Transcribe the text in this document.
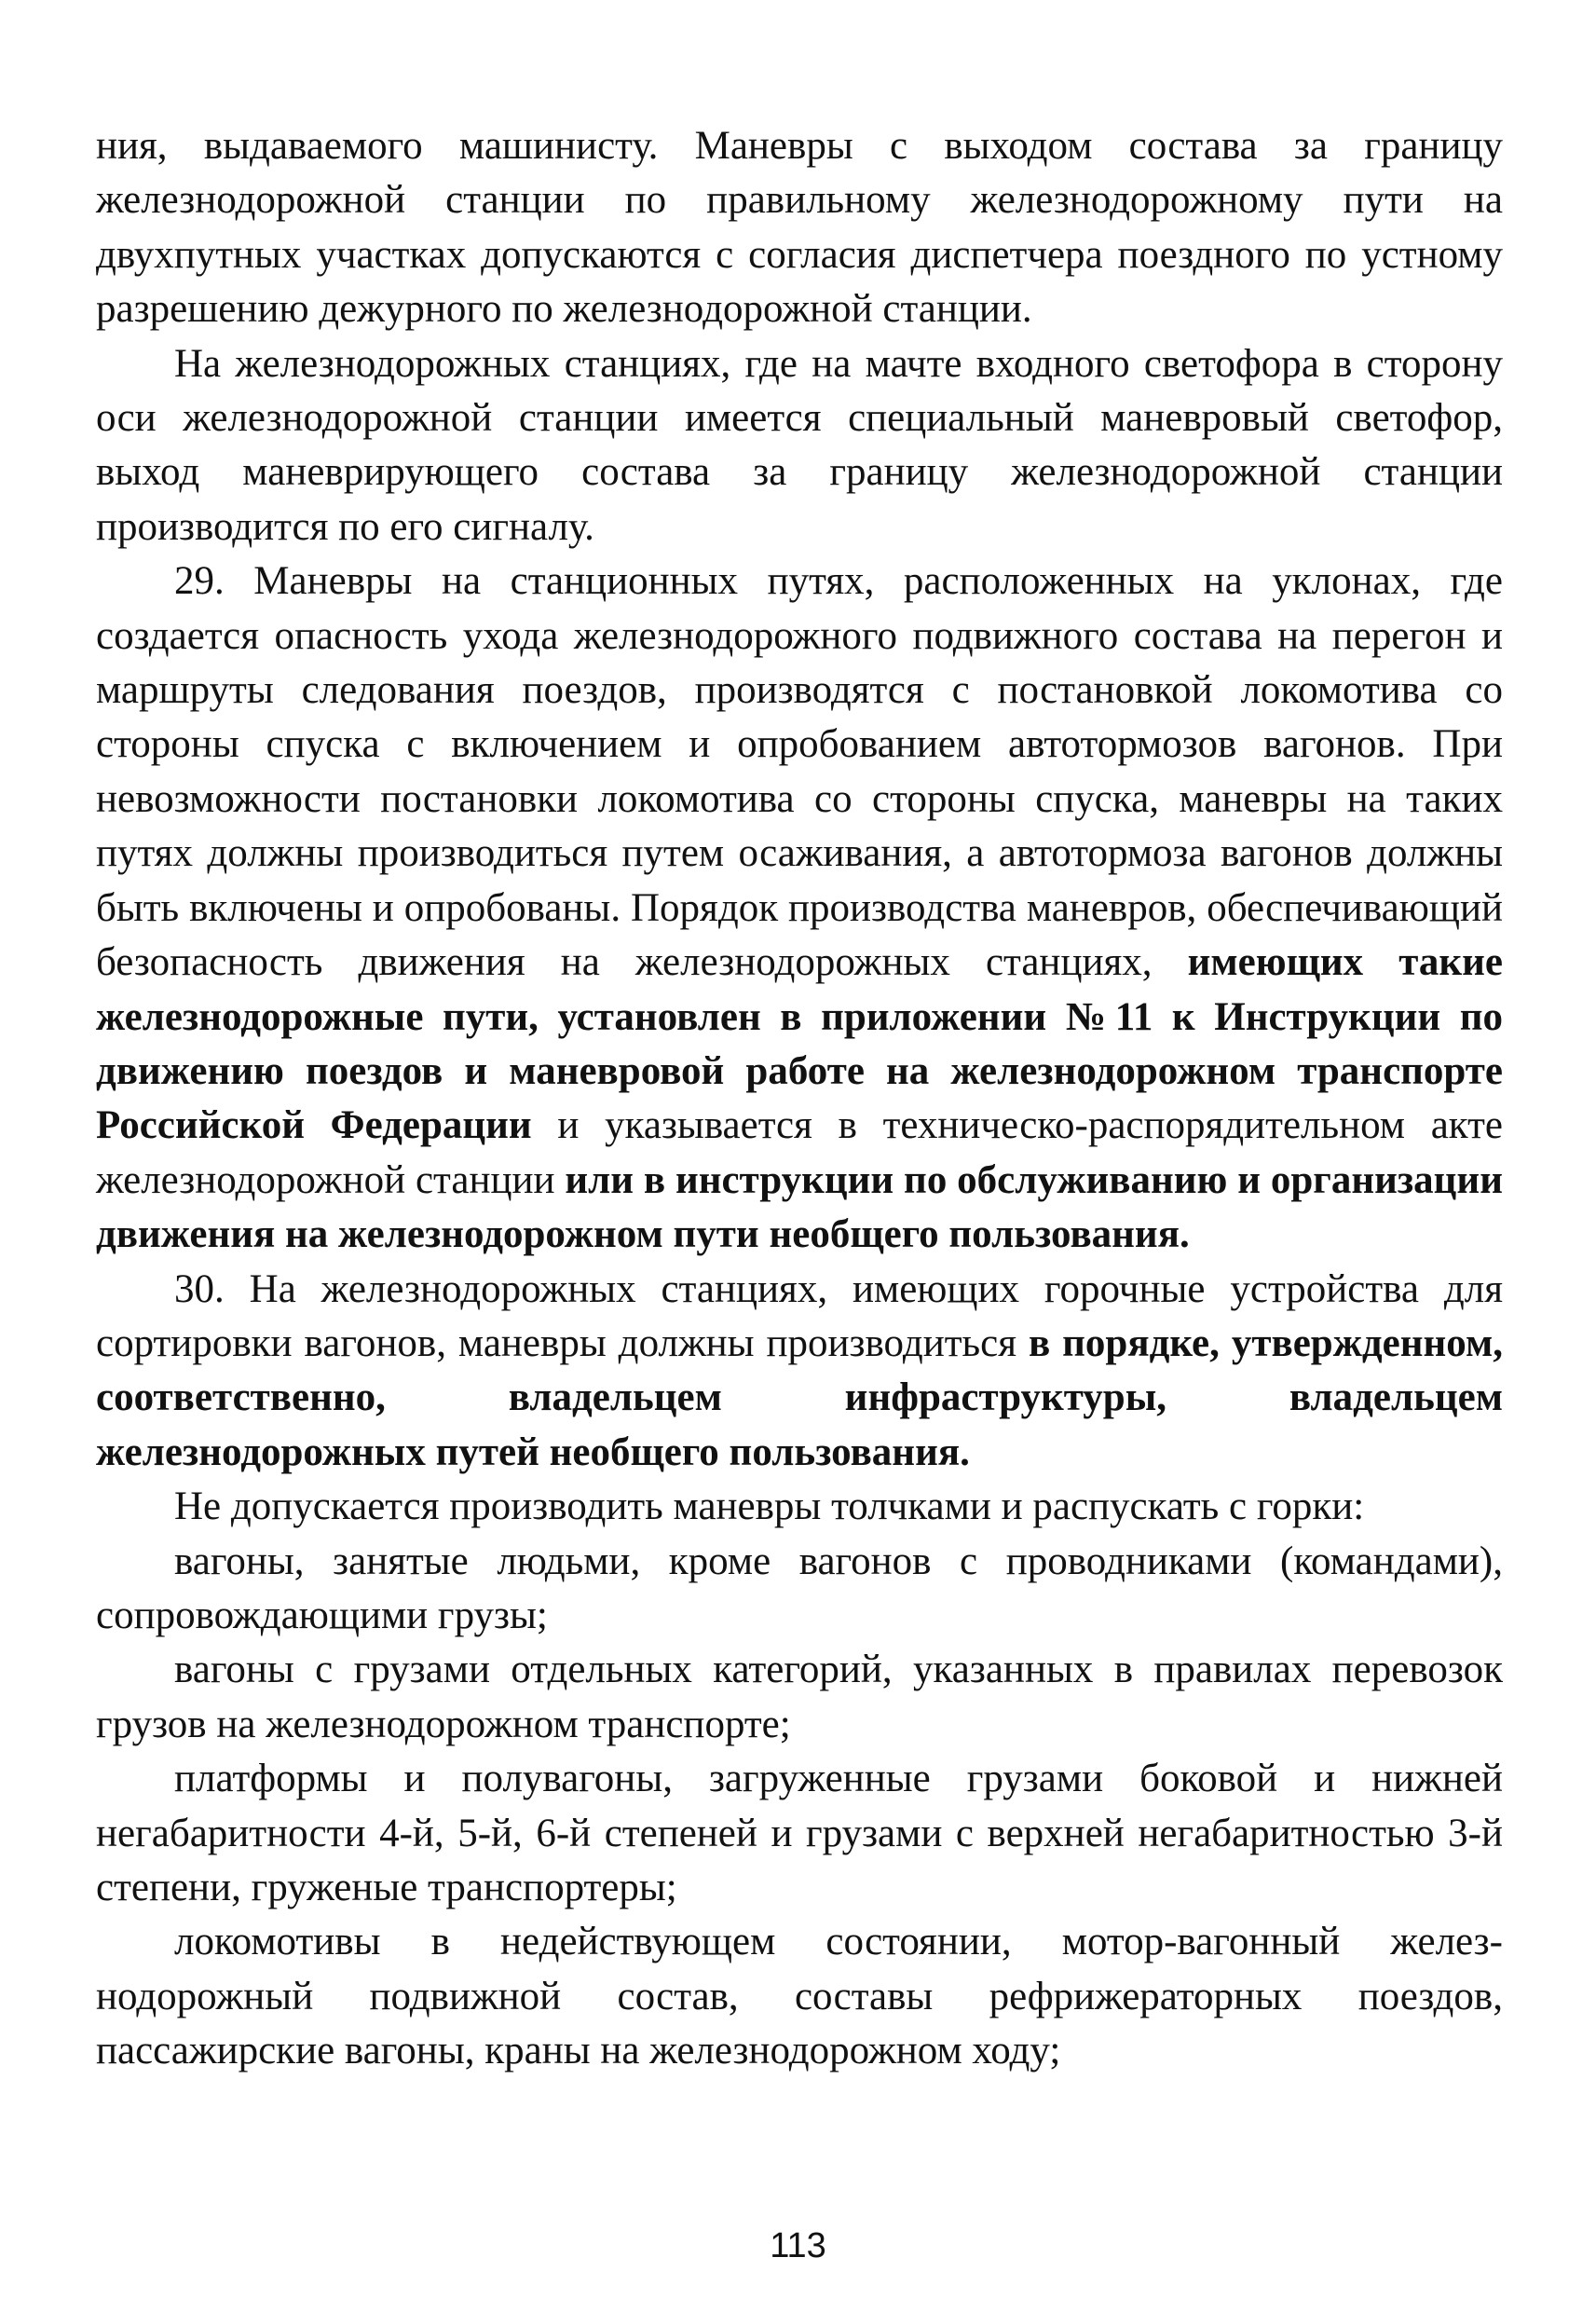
ния, выдаваемого машинисту. Маневры с выходом состава за границу железнодорожной станции по правильному железнодорожному пути на двухпутных участках допускаются с согласия диспетчера поездного по устному разрешению дежурного по железнодорожной станции.

На железнодорожных станциях, где на мачте входного светофора в сторону оси железнодорожной станции имеется специальный маневровый светофор, выход маневрирующего состава за границу железнодорожной станции производится по его сигналу.

29. Маневры на станционных путях, расположенных на уклонах, где создается опасность ухода железнодорожного подвижного состава на перегон и маршруты следования поездов, производятся с постановкой локомотива со стороны спуска с включением и опробованием автотормозов вагонов. При невозможности постановки локомотива со стороны спуска, маневры на таких путях должны производиться путем осаживания, а автотормоза вагонов должны быть включены и опробованы. Порядок производства маневров, обеспечивающий безопасность движения на железнодорожных станциях, имеющих такие железнодорожные пути, установлен в приложении №11 к Инструкции по движению поездов и маневровой работе на железнодорожном транспорте Российской Федерации и указывается в техническо-распорядительном акте железнодорожной станции или в инструкции по обслуживанию и организации движения на железнодорожном пути необщего пользования.

30. На железнодорожных станциях, имеющих горочные устройства для сортировки вагонов, маневры должны производиться в порядке, утвержденном, соответственно, владельцем инфраструктуры, владельцем железнодорожных путей необщего пользования.

Не допускается производить маневры толчками и распускать с горки:

вагоны, занятые людьми, кроме вагонов с проводниками (командами), сопровождающими грузы;

вагоны с грузами отдельных категорий, указанных в правилах перевозок грузов на железнодорожном транспорте;

платформы и полувагоны, загруженные грузами боковой и нижней негабаритности 4-й, 5-й, 6-й степеней и грузами с верхней негабаритностью 3-й степени, груженые транспортеры;

локомотивы в недействующем состоянии, мотор-вагонный железнодорожный подвижной состав, составы рефрижераторных поездов, пассажирские вагоны, краны на железнодорожном ходу;

113
